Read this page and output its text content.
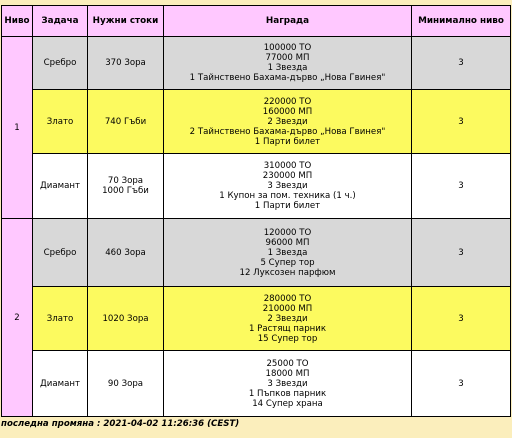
Ниво	Задача	Нужни стоки	Награда	Минимално ниво
1	Сребро	370 Зора	100000 ТО
77000 МП
1 Звезда
1 Тайнствено Бахама-дърво „Нова Гвинея"	3
	Злато	740 Гъби	220000 ТО
160000 МП
2 Звезди
2 Тайнствено Бахама-дърво „Нова Гвинея"
1 Парти билет	3
	Диамант	70 Зора
1000 Гъби	310000 ТО
230000 МП
3 Звезди
1 Купон за пом. техника (1 ч.)
1 Парти билет	3
2	Сребро	460 Зора	120000 ТО
96000 МП
1 Звезда
5 Супер тор
12 Луксозен парфюм	3
	Злато	1020 Зора	280000 ТО
210000 МП
2 Звезди
1 Растящ парник
15 Супер тор	3
	Диамант	90 Зора	25000 ТО
18000 МП
3 Звезди
1 Пъпков парник
14 Супер храна	3
последна промяна : 2021-04-02 11:26:36 (CEST)
